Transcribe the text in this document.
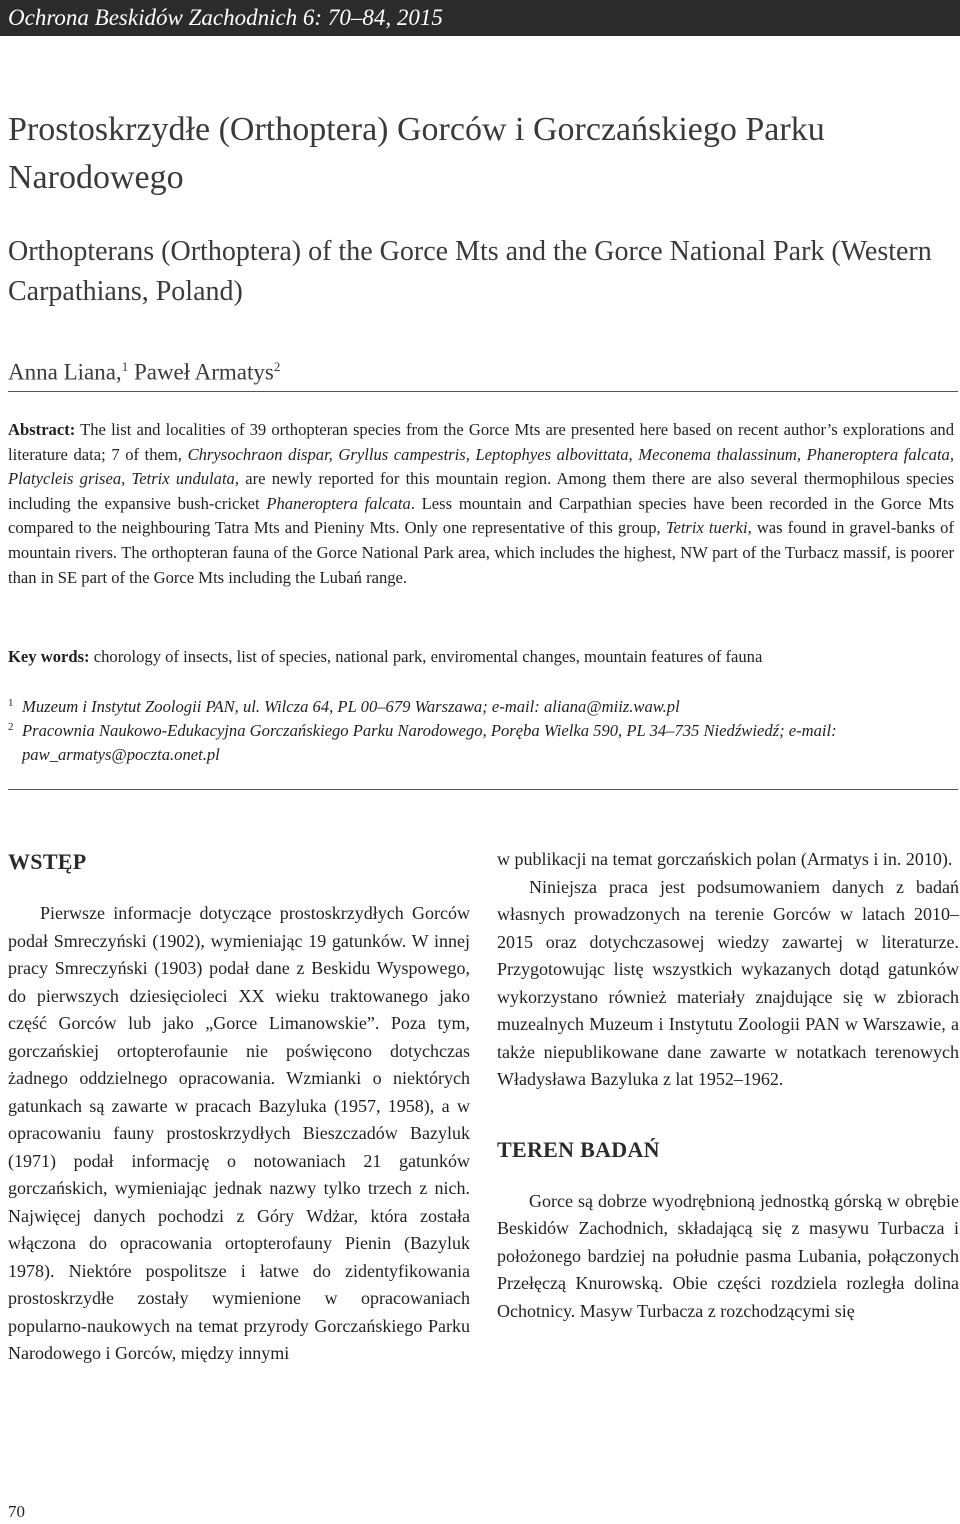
Ochrona Beskidów Zachodnich 6: 70–84, 2015
Prostoskrzydłe (Orthoptera) Gorców i Gorczańskiego Parku Narodowego
Orthopterans (Orthoptera) of the Gorce Mts and the Gorce National Park (Western Carpathians, Poland)
Anna Liana,$^1$ Paweł Armatys$^2$
Abstract: The list and localities of 39 orthopteran species from the Gorce Mts are presented here based on recent author’s explorations and literature data; 7 of them, Chrysochraon dispar, Gryllus campestris, Leptophyes albovittata, Meconema thalassinum, Phaneroptera falcata, Platycleis grisea, Tetrix undulata, are newly reported for this mountain region. Among them there are also several thermophilous species including the expansive bush-cricket Phaneroptera falcata. Less mountain and Carpathian species have been recorded in the Gorce Mts compared to the neighbouring Tatra Mts and Pieniny Mts. Only one representative of this group, Tetrix tuerki, was found in gravel-banks of mountain rivers. The orthopteran fauna of the Gorce National Park area, which includes the highest, NW part of the Turbacz massif, is poorer than in SE part of the Gorce Mts including the Lubań range.
Key words: chorology of insects, list of species, national park, enviromental changes, mountain features of fauna
1 Muzeum i Instytut Zoologii PAN, ul. Wilcza 64, PL 00–679 Warszawa; e-mail: aliana@miiz.waw.pl
2 Pracownia Naukowo-Edukacyjna Gorczańskiego Parku Narodowego, Poręba Wielka 590, PL 34–735 Niedźwiedź; e-mail: paw_armatys@poczta.onet.pl
WSTĘP

Pierwsze informacje dotyczące prostoskrzydłych Gorców podał Smreczyński (1902), wymieniając 19 gatunków. W innej pracy Smreczyński (1903) podał dane z Beskidu Wyspowego, do pierwszych dziesięcioleci XX wieku traktowanego jako część Gorców lub jako „Gorce Limanowskie”. Poza tym, gorczańskiej ortopterofaunie nie poświęcono dotychczas żadnego oddzielnego opracowania. Wzmianki o niektórych gatunkach są zawarte w pracach Bazyluka (1957, 1958), a w opracowaniu fauny prostoskrzydłych Bieszczadów Bazyluk (1971) podał informację o notowaniach 21 gatunków gorczańskich, wymieniając jednak nazwy tylko trzech z nich. Najwięcej danych pochodzi z Góry Wdżar, która została włączona do opracowania ortopterofauny Pienin (Bazyluk 1978). Niektóre pospolitsze i łatwe do zidentyfikowania prostoskrzydłe zostały wymienione w opracowaniach popularno-naukowych na temat przyrody Gorczańskiego Parku Narodowego i Gorców, między innymi

w publikacji na temat gorczańskich polan (Armatys i in. 2010).

Niniejsza praca jest podsumowaniem danych z badań własnych prowadzonych na terenie Gorców w latach 2010–2015 oraz dotychczasowej wiedzy zawartej w literaturze. Przygotowując listę wszystkich wykazanych dotąd gatunków wykorzystano również materiały znajdujące się w zbiorach muzealnych Muzeum i Instytutu Zoologii PAN w Warszawie, a także niepublikowane dane zawarte w notatkach terenowych Władysława Bazyluka z lat 1952–1962.

TEREN BADAŃ

Gorce są dobrze wyodrębnioną jednostką górską w obrębie Beskidów Zachodnich, składającą się z masywu Turbacza i położonego bardziej na południe pasma Lubania, połączonych Przełęczą Knurowską. Obie części rozdziela rozległa dolina Ochotnicy. Masyw Turbacza z rozchodzącymi się

70
